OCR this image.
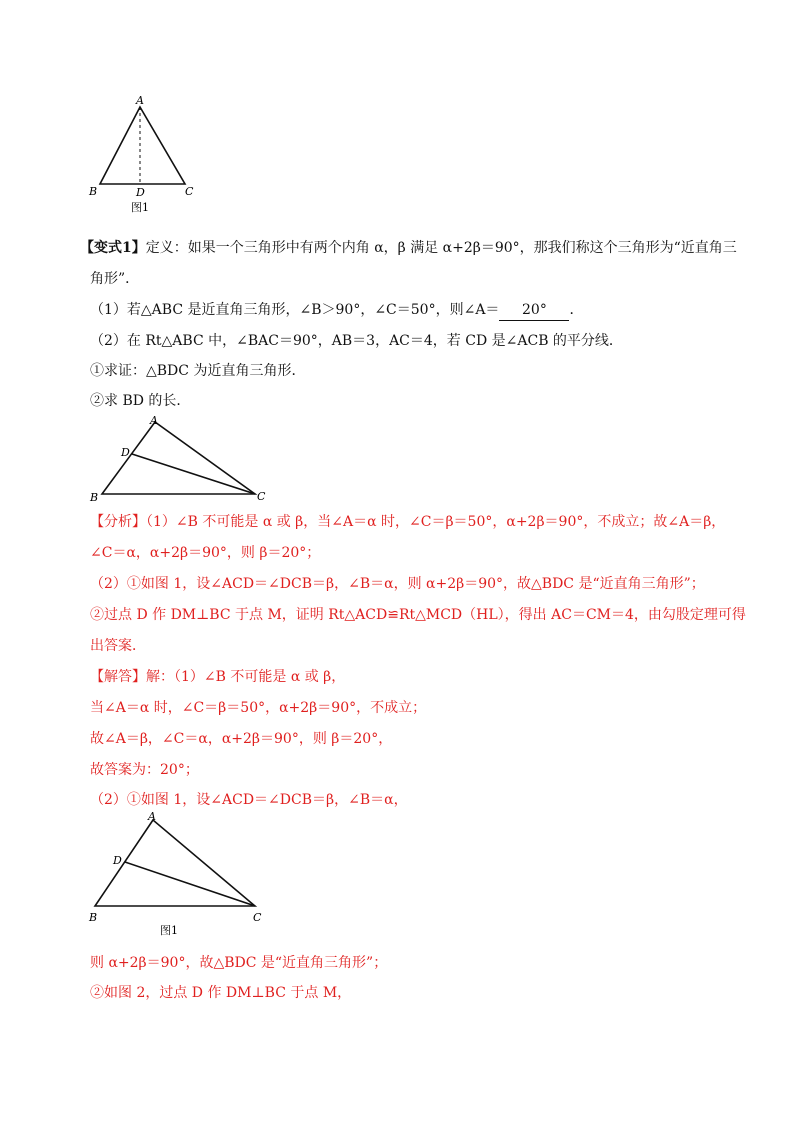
A
B	D	C
图1
【变式1】定义：如果一个三角形中有两个内角 α，β 满足 α+2β＝90°，那我们称这个三角形为“近直角三
角形”．
（1）若△ABC 是近直角三角形，∠B＞90°，∠C＝50°，则∠A＝ 20° ．
（2）在 Rt△ABC 中，∠BAC＝90°，AB＝3，AC＝4，若 CD 是∠ACB 的平分线．
①求证：△BDC 为近直角三角形．
②求 BD 的长．
A
D
B	C
【分析】（1）∠B 不可能是 α 或 β，当∠A＝α 时，∠C＝β＝50°，α+2β＝90°，不成立；故∠A＝β，
∠C＝α，α+2β＝90°，则 β＝20°；
（2）①如图 1，设∠ACD＝∠DCB＝β，∠B＝α，则 α+2β＝90°，故△BDC 是“近直角三角形”；
②过点 D 作 DM⊥BC 于点 M，证明 Rt△ACD≌Rt△MCD（HL），得出 AC＝CM＝4，由勾股定理可得
出答案．
【解答】解：（1）∠B 不可能是 α 或 β，
当∠A＝α 时，∠C＝β＝50°，α+2β＝90°，不成立；
故∠A＝β，∠C＝α，α+2β＝90°，则 β＝20°，
故答案为：20°；
（2）①如图 1，设∠ACD＝∠DCB＝β，∠B＝α，
A
D
B	C
图1
则 α+2β＝90°，故△BDC 是“近直角三角形”；
②如图 2，过点 D 作 DM⊥BC 于点 M，
